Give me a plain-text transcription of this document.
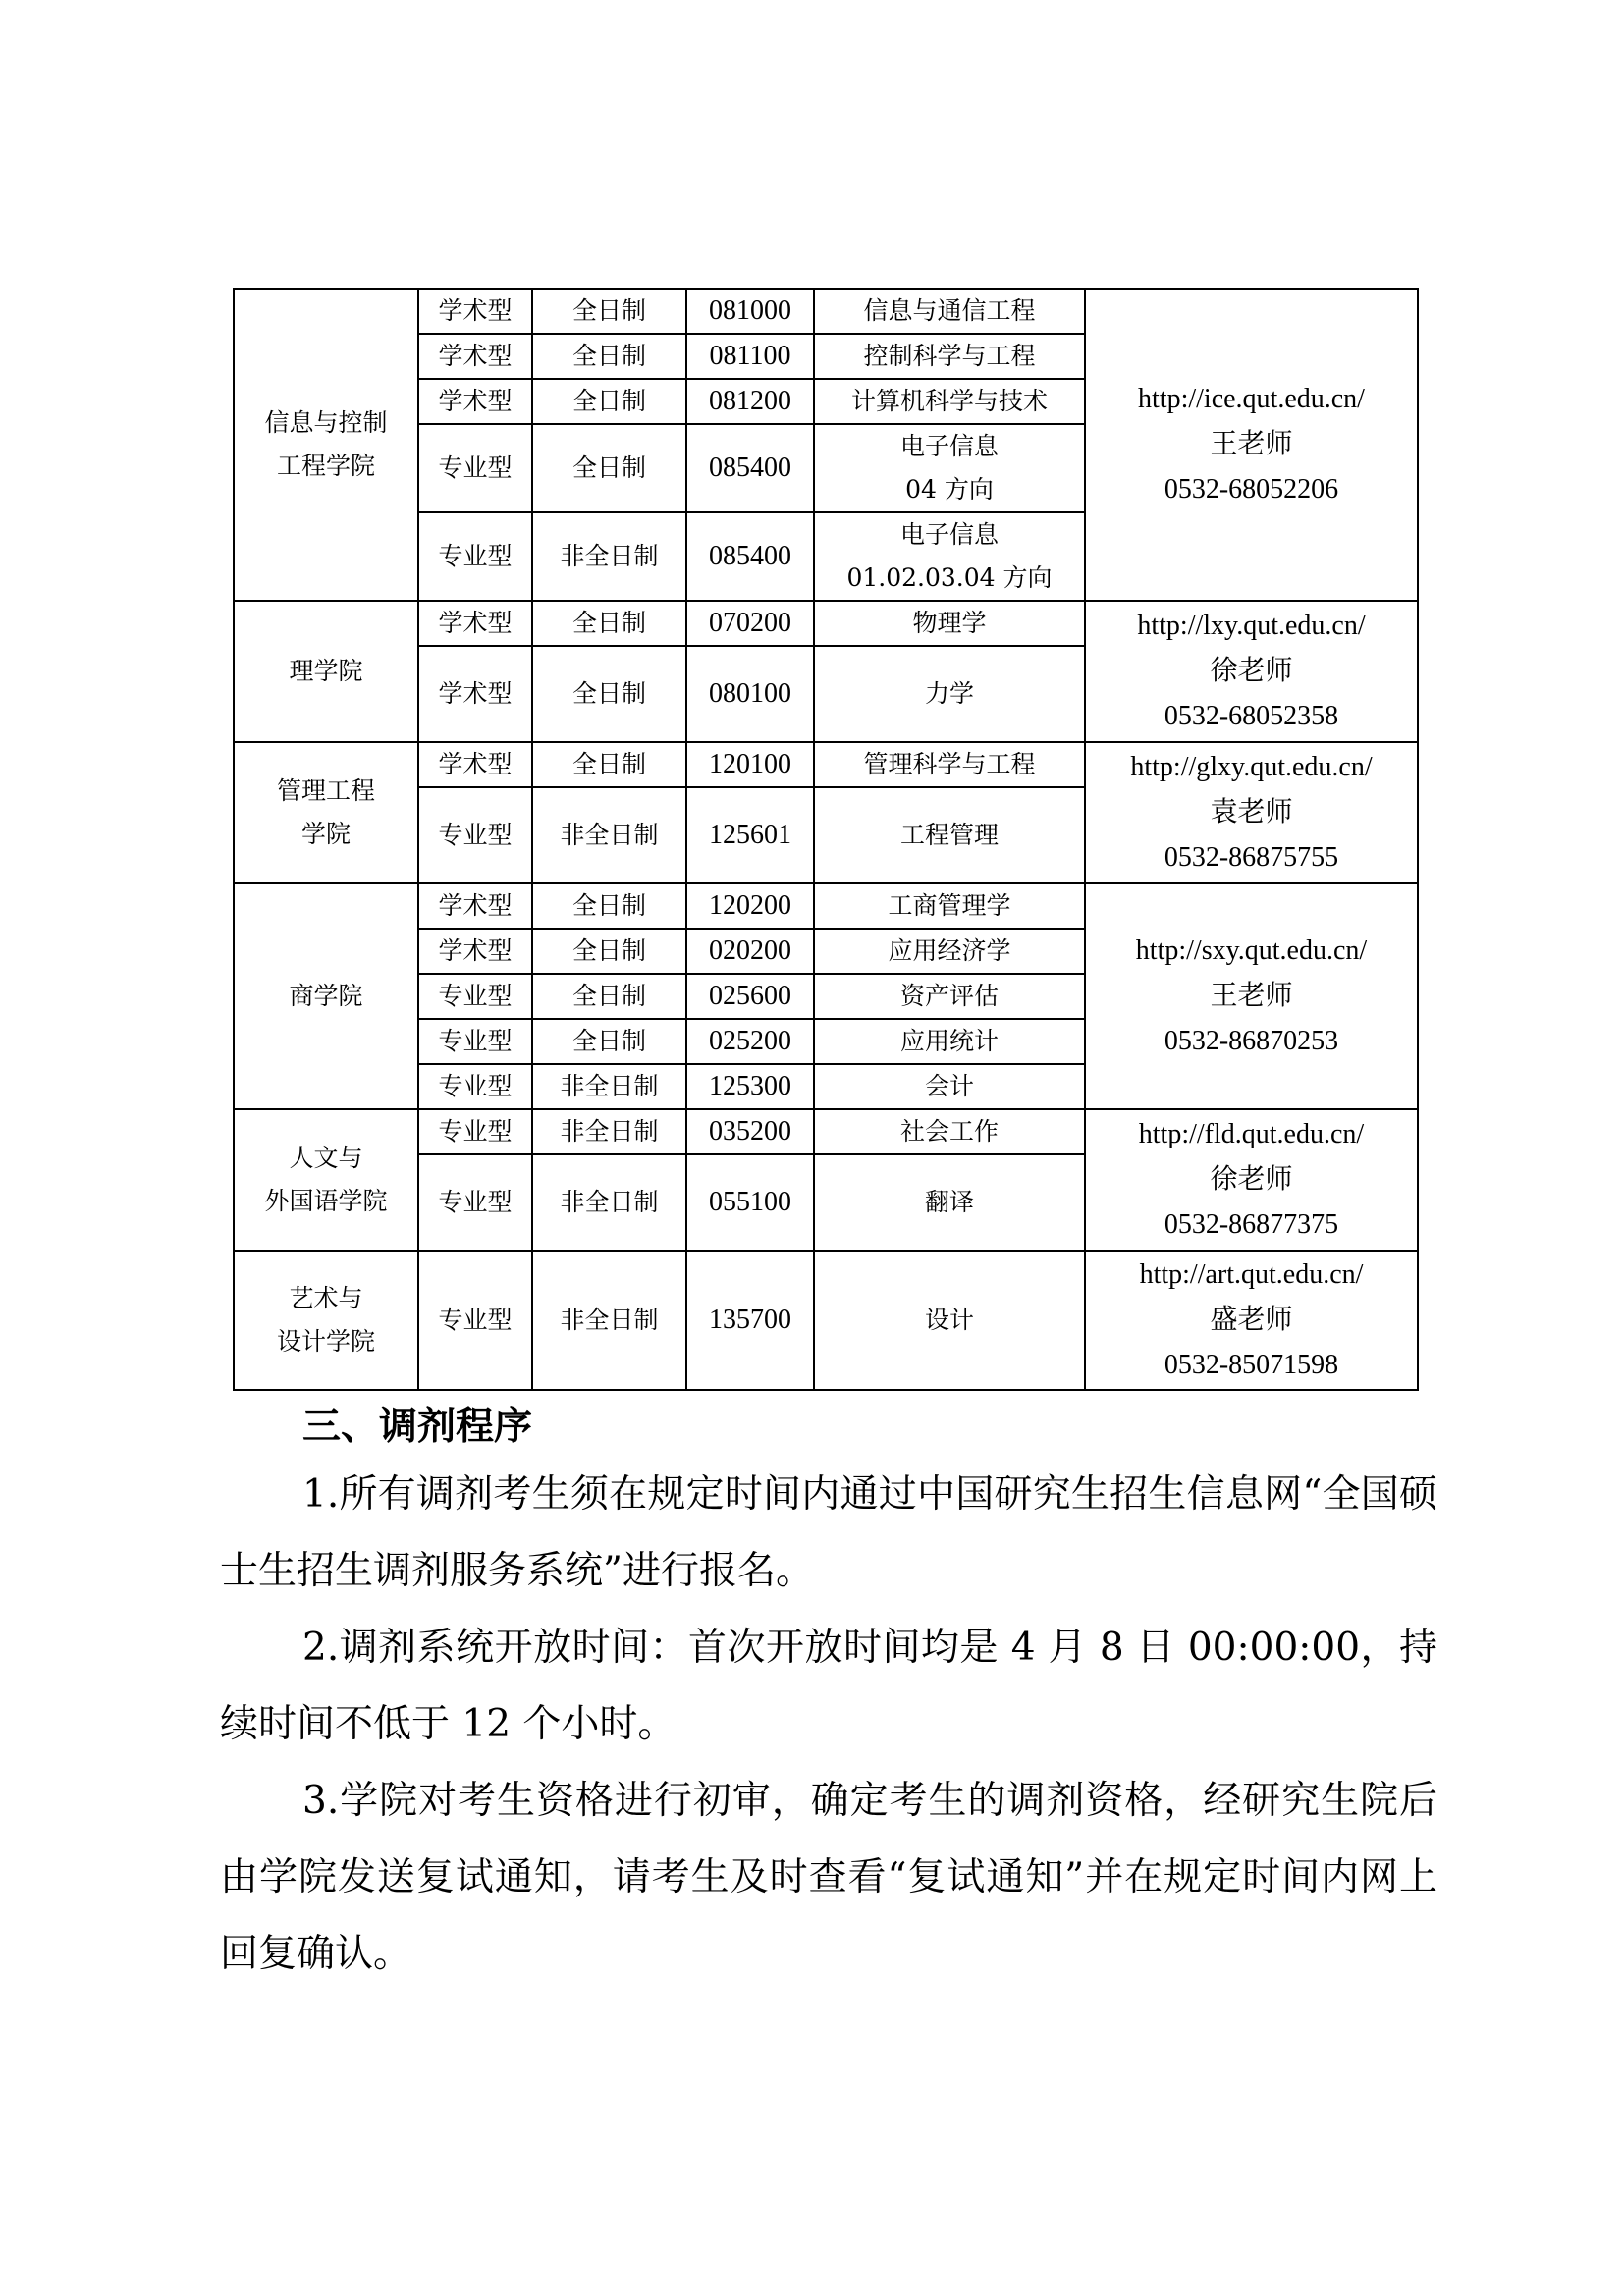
信息与控制
工程学院	学术型	全日制	081000	信息与通信工程	http://ice.qut.edu.cn/
王老师
0532-68052206

	学术型	全日制	081100	控制科学与工程	
	学术型	全日制	081200	计算机科学与技术	
	专业型	全日制	085400	电子信息
04 方向	

	专业型	非全日制	085400	电子信息
01.02.03.04 方向	

理学院	学术型	全日制	070200	物理学	http://lxy.qut.edu.cn/
徐老师
0532-68052358

	学术型	全日制	080100	力学	

管理工程
学院	学术型	全日制	120100	管理科学与工程	http://glxy.qut.edu.cn/
袁老师
0532-86875755

	专业型	非全日制	125601	工程管理	
商学院	学术型	全日制	120200	工商管理学	http://sxy.qut.edu.cn/
王老师
0532-86870253

	学术型	全日制	020200	应用经济学	
	专业型	全日制	025600	资产评估	
	专业型	全日制	025200	应用统计	
	专业型	非全日制	125300	会计	

人文与
外国语学院	专业型	非全日制	035200	社会工作	http://fld.qut.edu.cn/
徐老师
0532-86877375

	专业型	非全日制	055100	翻译	

艺术与
设计学院	专业型	非全日制	135700	设计	http://art.qut.edu.cn/
盛老师
0532-85071598
三、调剂程序

1.所有调剂考生须在规定时间内通过中国研究生招生信息网“全国硕士生招生调剂服务系统”进行报名。

2.调剂系统开放时间：首次开放时间均是 4 月 8 日 00:00:00，持续时间不低于 12 个小时。

3.学院对考生资格进行初审，确定考生的调剂资格，经研究生院后由学院发送复试通知，请考生及时查看“复试通知”并在规定时间内网上回复确认。
